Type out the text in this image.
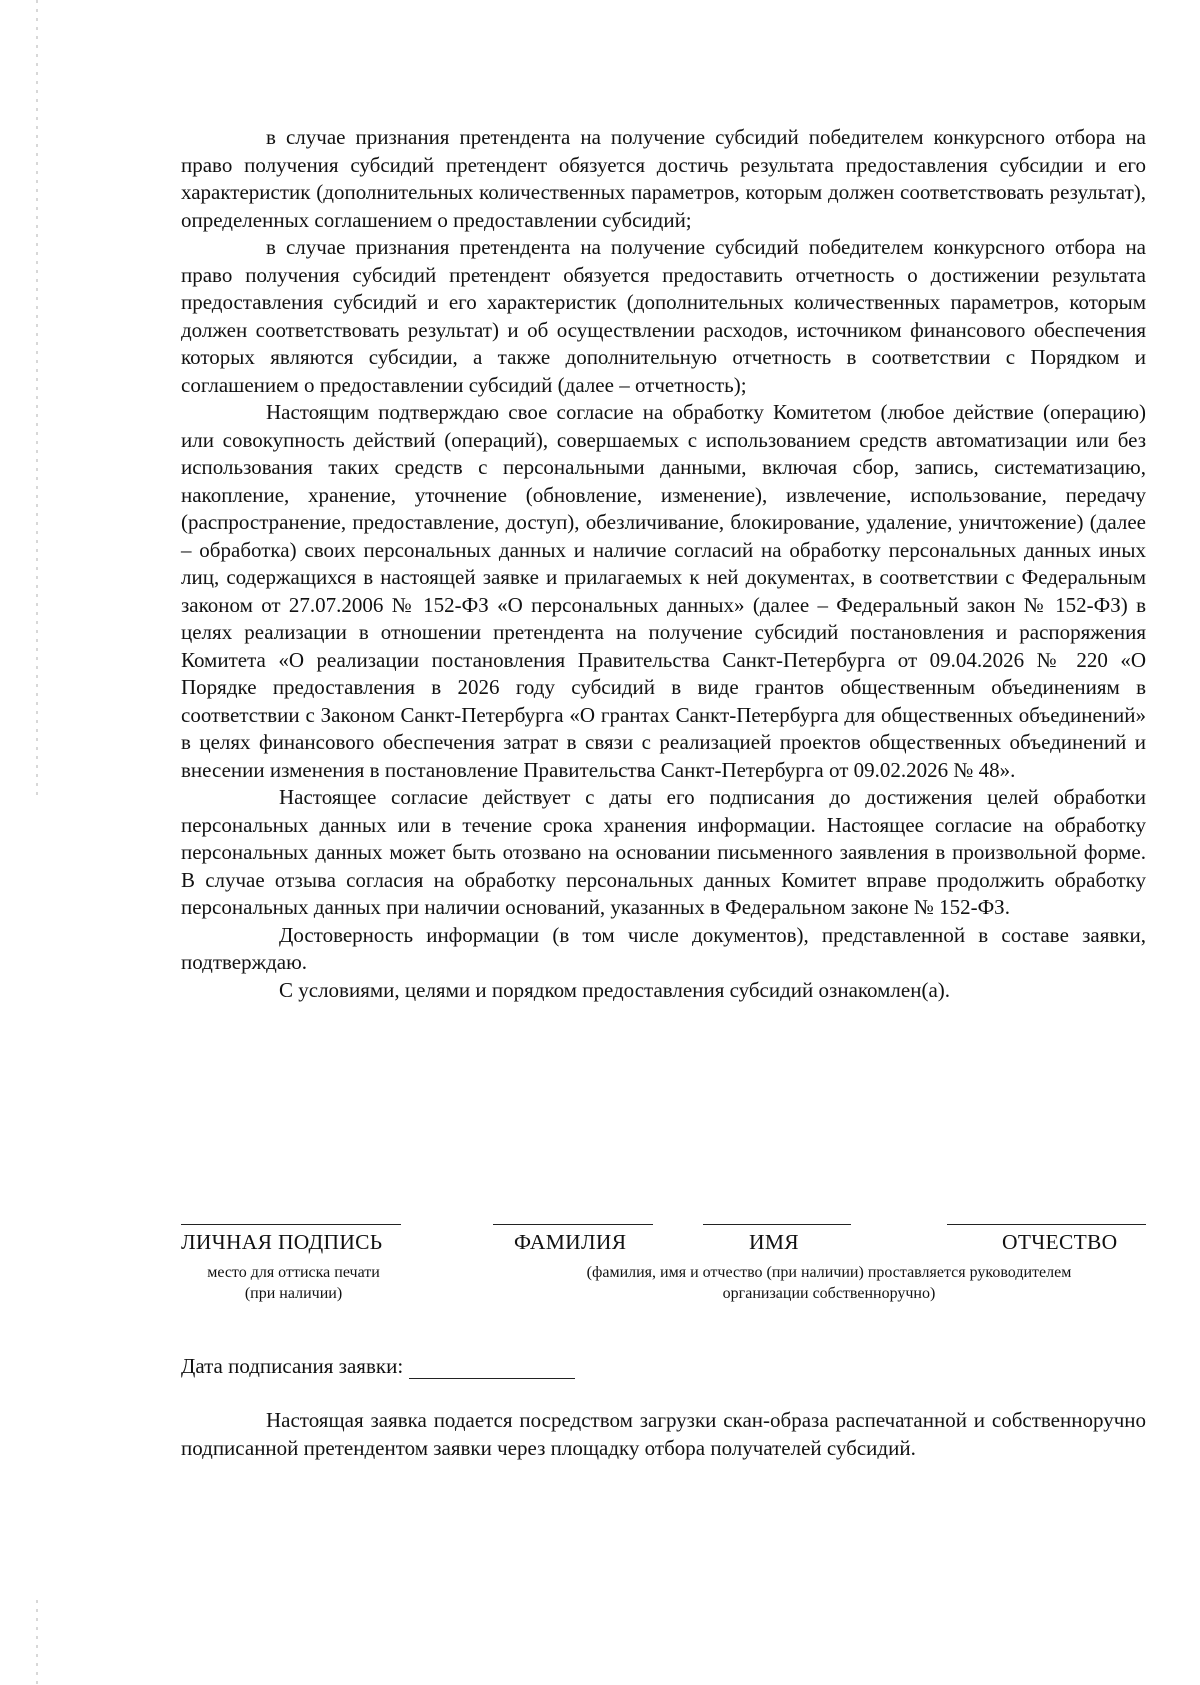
в случае признания претендента на получение субсидий победителем конкурсного отбора на право получения субсидий претендент обязуется достичь результата предоставления субсидии и его характеристик (дополнительных количественных параметров, которым должен соответствовать результат), определенных соглашением о предоставлении субсидий;

в случае признания претендента на получение субсидий победителем конкурсного отбора на право получения субсидий претендент обязуется предоставить отчетность о достижении результата предоставления субсидий и его характеристик (дополнительных количественных параметров, которым должен соответствовать результат) и об осуществлении расходов, источником финансового обеспечения которых являются субсидии, а также дополнительную отчетность в соответствии с Порядком и соглашением о предоставлении субсидий (далее – отчетность);

Настоящим подтверждаю свое согласие на обработку Комитетом (любое действие (операцию) или совокупность действий (операций), совершаемых с использованием средств автоматизации или без использования таких средств с персональными данными, включая сбор, запись, систематизацию, накопление, хранение, уточнение (обновление, изменение), извлечение, использование, передачу (распространение, предоставление, доступ), обезличивание, блокирование, удаление, уничтожение) (далее – обработка) своих персональных данных и наличие согласий на обработку персональных данных иных лиц, содержащихся в настоящей заявке и прилагаемых к ней документах, в соответствии с Федеральным законом от 27.07.2006 № 152-ФЗ «О персональных данных» (далее – Федеральный закон № 152-ФЗ) в целях реализации в отношении претендента на получение субсидий постановления и распоряжения Комитета «О реализации постановления Правительства Санкт-Петербурга от 09.04.2026 № 220 «О Порядке предоставления в 2026 году субсидий в виде грантов общественным объединениям в соответствии с Законом Санкт-Петербурга «О грантах Санкт-Петербурга для общественных объединений» в целях финансового обеспечения затрат в связи с реализацией проектов общественных объединений и внесении изменения в постановление Правительства Санкт-Петербурга от 09.02.2026 № 48».

Настоящее согласие действует с даты его подписания до достижения целей обработки персональных данных или в течение срока хранения информации. Настоящее согласие на обработку персональных данных может быть отозвано на основании письменного заявления в произвольной форме. В случае отзыва согласия на обработку персональных данных Комитет вправе продолжить обработку персональных данных при наличии оснований, указанных в Федеральном законе № 152-ФЗ.

Достоверность информации (в том числе документов), представленной в составе заявки, подтверждаю.

С условиями, целями и порядком предоставления субсидий ознакомлен(а).

ЛИЧНАЯ ПОДПИСЬ	ФАМИЛИЯ	ИМЯ	ОТЧЕСТВО
место для оттиска печати
(при наличии)
(фамилия, имя и отчество (при наличии) проставляется руководителем
организации собственноручно)
Дата подписания заявки:

Настоящая заявка подается посредством загрузки скан-образа распечатанной и собственноручно подписанной претендентом заявки через площадку отбора получателей субсидий.
